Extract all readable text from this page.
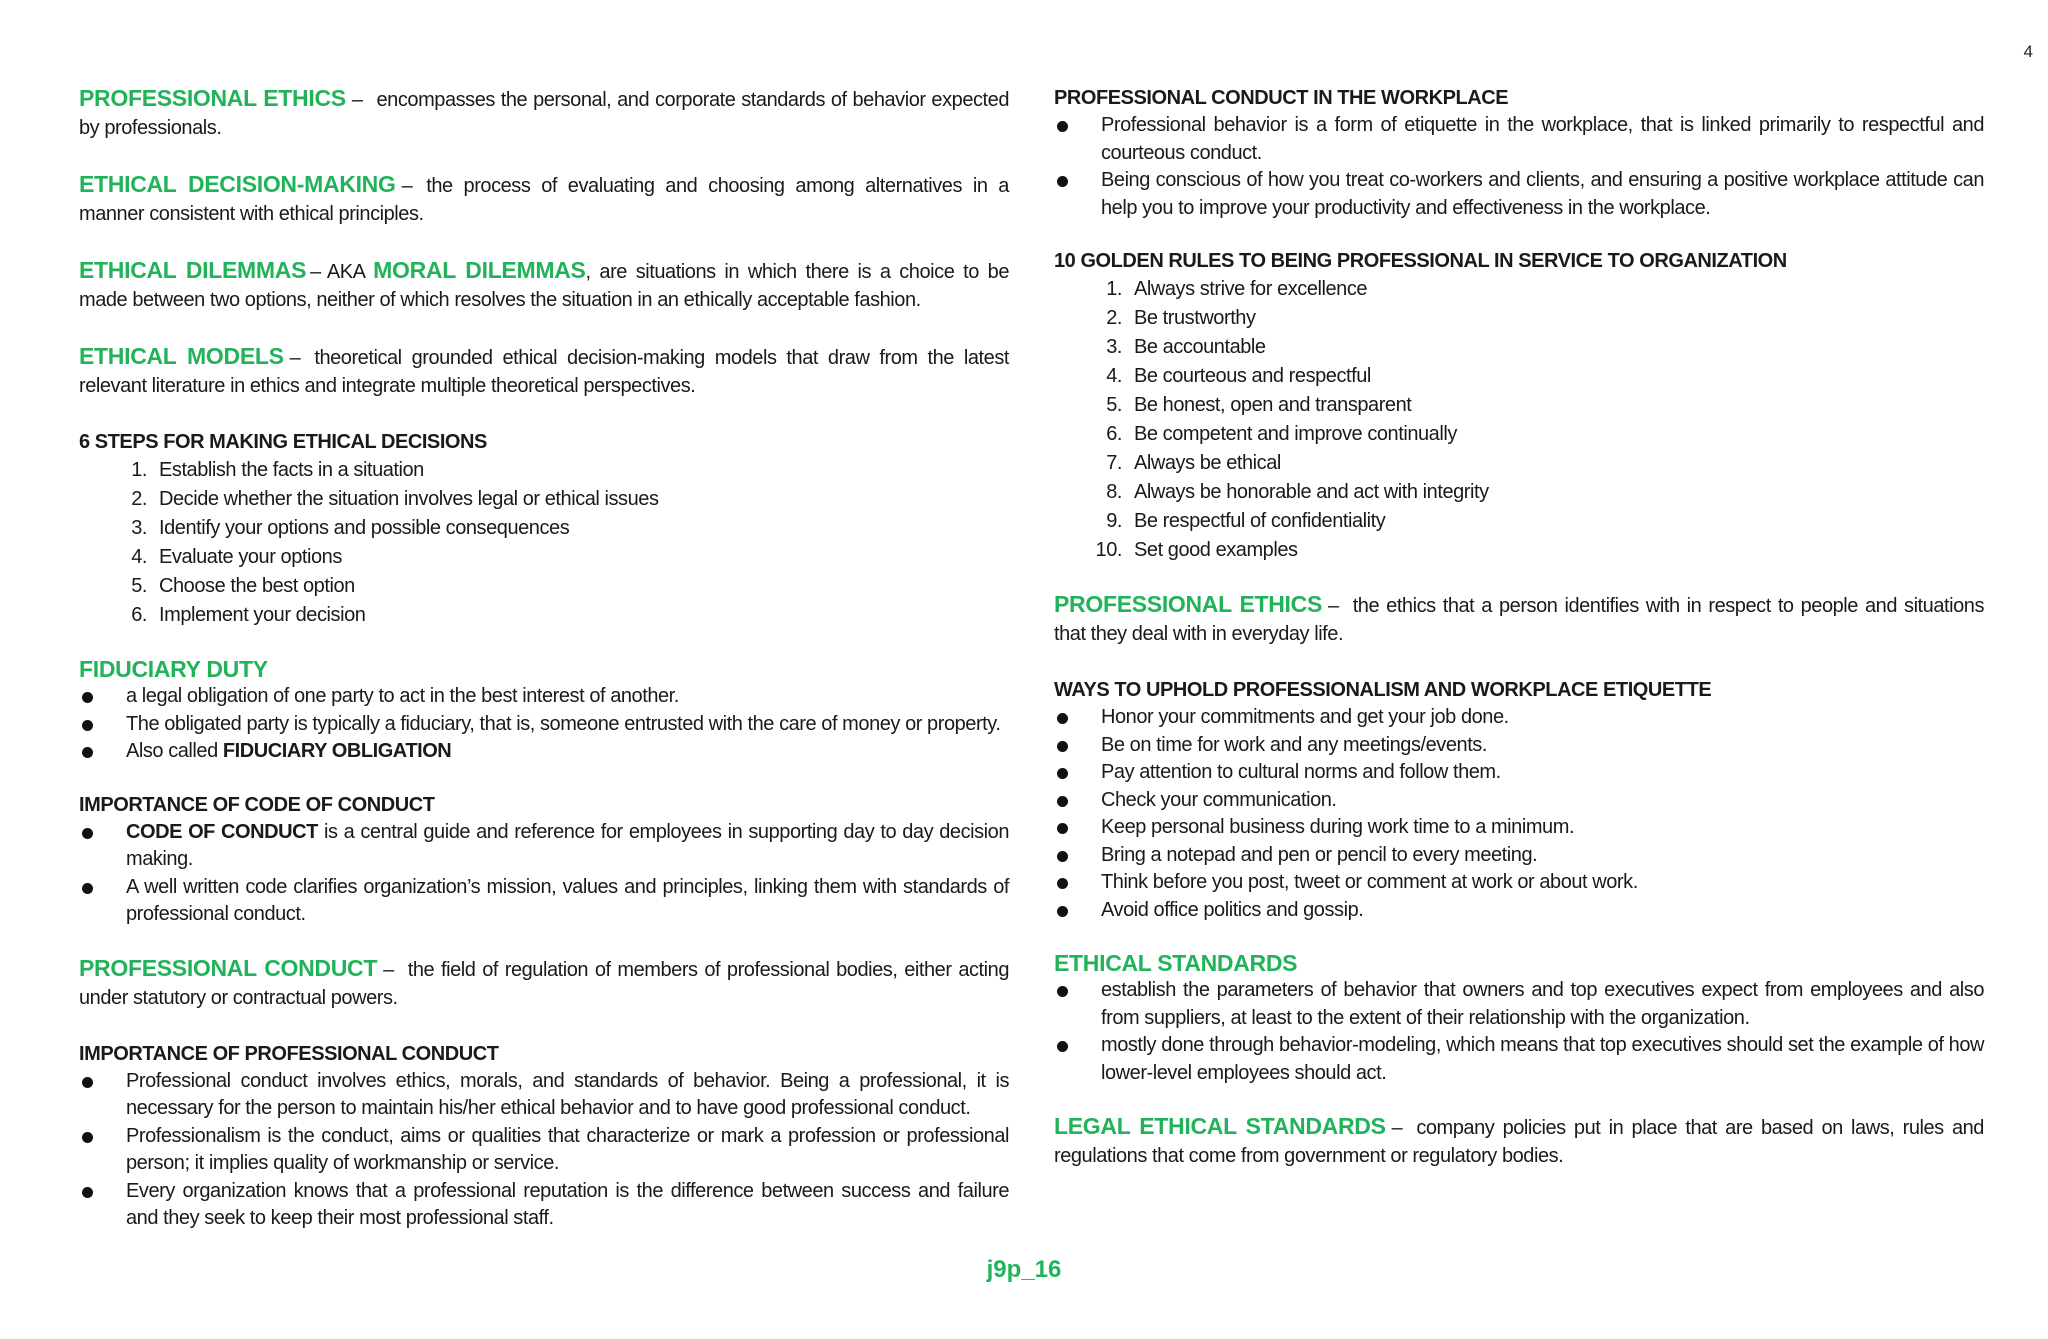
4

PROFESSIONAL ETHICS – encompasses the personal, and corporate standards of behavior expected by professionals.

ETHICAL DECISION-MAKING – the process of evaluating and choosing among alternatives in a manner consistent with ethical principles.

ETHICAL DILEMMAS – AKA MORAL DILEMMAS, are situations in which there is a choice to be made between two options, neither of which resolves the situation in an ethically acceptable fashion.

ETHICAL MODELS – theoretical grounded ethical decision-making models that draw from the latest relevant literature in ethics and integrate multiple theoretical perspectives.

6 STEPS FOR MAKING ETHICAL DECISIONS

1. Establish the facts in a situation
2. Decide whether the situation involves legal or ethical issues
3. Identify your options and possible consequences
4. Evaluate your options
5. Choose the best option
6. Implement your decision

FIDUCIARY DUTY

a legal obligation of one party to act in the best interest of another.
The obligated party is typically a fiduciary, that is, someone entrusted with the care of money or property.
Also called FIDUCIARY OBLIGATION

IMPORTANCE OF CODE OF CONDUCT

CODE OF CONDUCT is a central guide and reference for employees in supporting day to day decision making.
A well written code clarifies organization’s mission, values and principles, linking them with standards of professional conduct.

PROFESSIONAL CONDUCT – the field of regulation of members of professional bodies, either acting under statutory or contractual powers.

IMPORTANCE OF PROFESSIONAL CONDUCT

Professional conduct involves ethics, morals, and standards of behavior. Being a professional, it is necessary for the person to maintain his/her ethical behavior and to have good professional conduct.
Professionalism is the conduct, aims or qualities that characterize or mark a profession or professional person; it implies quality of workmanship or service.
Every organization knows that a professional reputation is the difference between success and failure and they seek to keep their most professional staff.

PROFESSIONAL CONDUCT IN THE WORKPLACE

Professional behavior is a form of etiquette in the workplace, that is linked primarily to respectful and courteous conduct.
Being conscious of how you treat co-workers and clients, and ensuring a positive workplace attitude can help you to improve your productivity and effectiveness in the workplace.

10 GOLDEN RULES TO BEING PROFESSIONAL IN SERVICE TO ORGANIZATION

1. Always strive for excellence
2. Be trustworthy
3. Be accountable
4. Be courteous and respectful
5. Be honest, open and transparent
6. Be competent and improve continually
7. Always be ethical
8. Always be honorable and act with integrity
9. Be respectful of confidentiality
10. Set good examples

PROFESSIONAL ETHICS – the ethics that a person identifies with in respect to people and situations that they deal with in everyday life.

WAYS TO UPHOLD PROFESSIONALISM AND WORKPLACE ETIQUETTE

Honor your commitments and get your job done.
Be on time for work and any meetings/events.
Pay attention to cultural norms and follow them.
Check your communication.
Keep personal business during work time to a minimum.
Bring a notepad and pen or pencil to every meeting.
Think before you post, tweet or comment at work or about work.
Avoid office politics and gossip.

ETHICAL STANDARDS

establish the parameters of behavior that owners and top executives expect from employees and also from suppliers, at least to the extent of their relationship with the organization.
mostly done through behavior-modeling, which means that top executives should set the example of how lower-level employees should act.

LEGAL ETHICAL STANDARDS – company policies put in place that are based on laws, rules and regulations that come from government or regulatory bodies.

j9p_16
